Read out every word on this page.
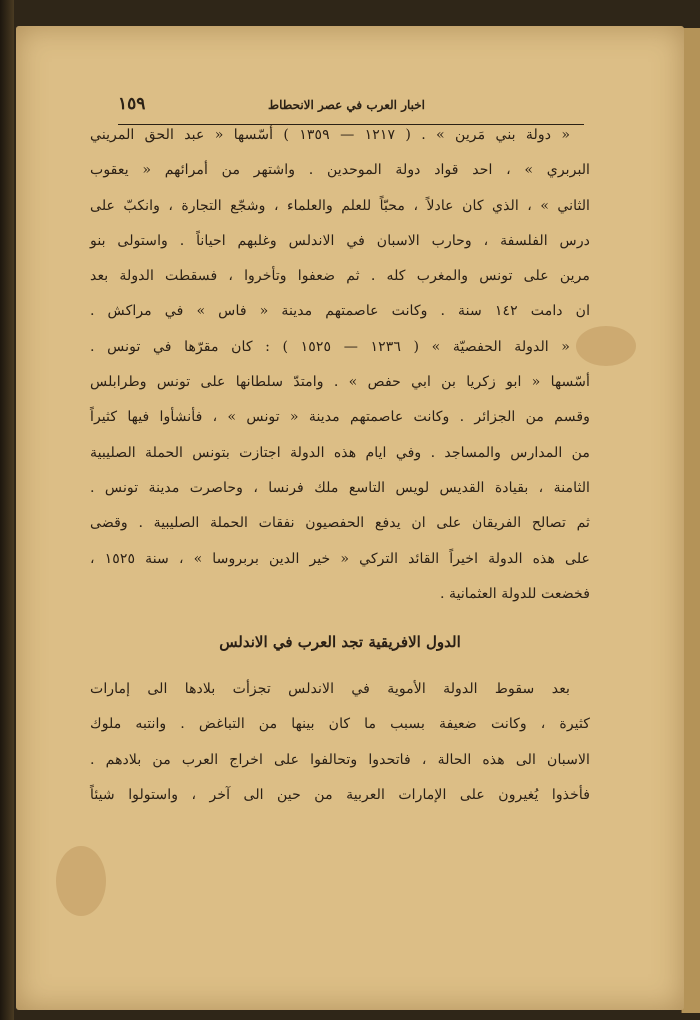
١٥٩	اخبار العرب في عصر الانحطاط
« دولة بني مَرين » . ( ١٢١٧ — ١٣٥٩ ) أسّسها « عبد الحق المريني
البربري » ، احد قواد دولة الموحدين . واشتهر من أمرائهم « يعقوب
الثاني » ، الذي كان عادلاً ، محبّاً للعلم والعلماء ، وشجّع التجارة ، وانكبّ على
درس الفلسفة ، وحارب الاسبان في الاندلس وغلبهم احياناً . واستولى بنو
مرين على تونس والمغرب كله . ثم ضعفوا وتأخروا ، فسقطت الدولة بعد
ان دامت ١٤٢ سنة . وكانت عاصمتهم مدينة « فاس » في مراكش .
« الدولة الحفصيّة » ( ١٢٣٦ — ١٥٢٥ ) : كان مقرّها في تونس .
أسّسها « ابو زكريا بن ابي حفص » . وامتدّ سلطانها على تونس وطرابلس
وقسم من الجزائر . وكانت عاصمتهم مدينة « تونس » ، فأنشأوا فيها كثيراً
من المدارس والمساجد . وفي ايام هذه الدولة اجتازت بتونس الحملة الصليبية
الثامنة ، بقيادة القديس لويس التاسع ملك فرنسا ، وحاصرت مدينة تونس .
ثم تصالح الفريقان على ان يدفع الحفصيون نفقات الحملة الصليبية . وقضى
على هذه الدولة اخيراً القائد التركي « خير الدين بربروسا » ، سنة ١٥٢٥ ،
فخضعت للدولة العثمانية .
الدول الافريقية تجد العرب في الاندلس
بعد سقوط الدولة الأموية في الاندلس تجزأت بلادها الى إمارات
كثيرة ، وكانت ضعيفة بسبب ما كان بينها من التباغض . وانتبه ملوك
الاسبان الى هذه الحالة ، فاتحدوا وتحالفوا على اخراج العرب من بلادهم .
فأخذوا يُغيرون على الإمارات العربية من حين الى آخر ، واستولوا شيئاً
